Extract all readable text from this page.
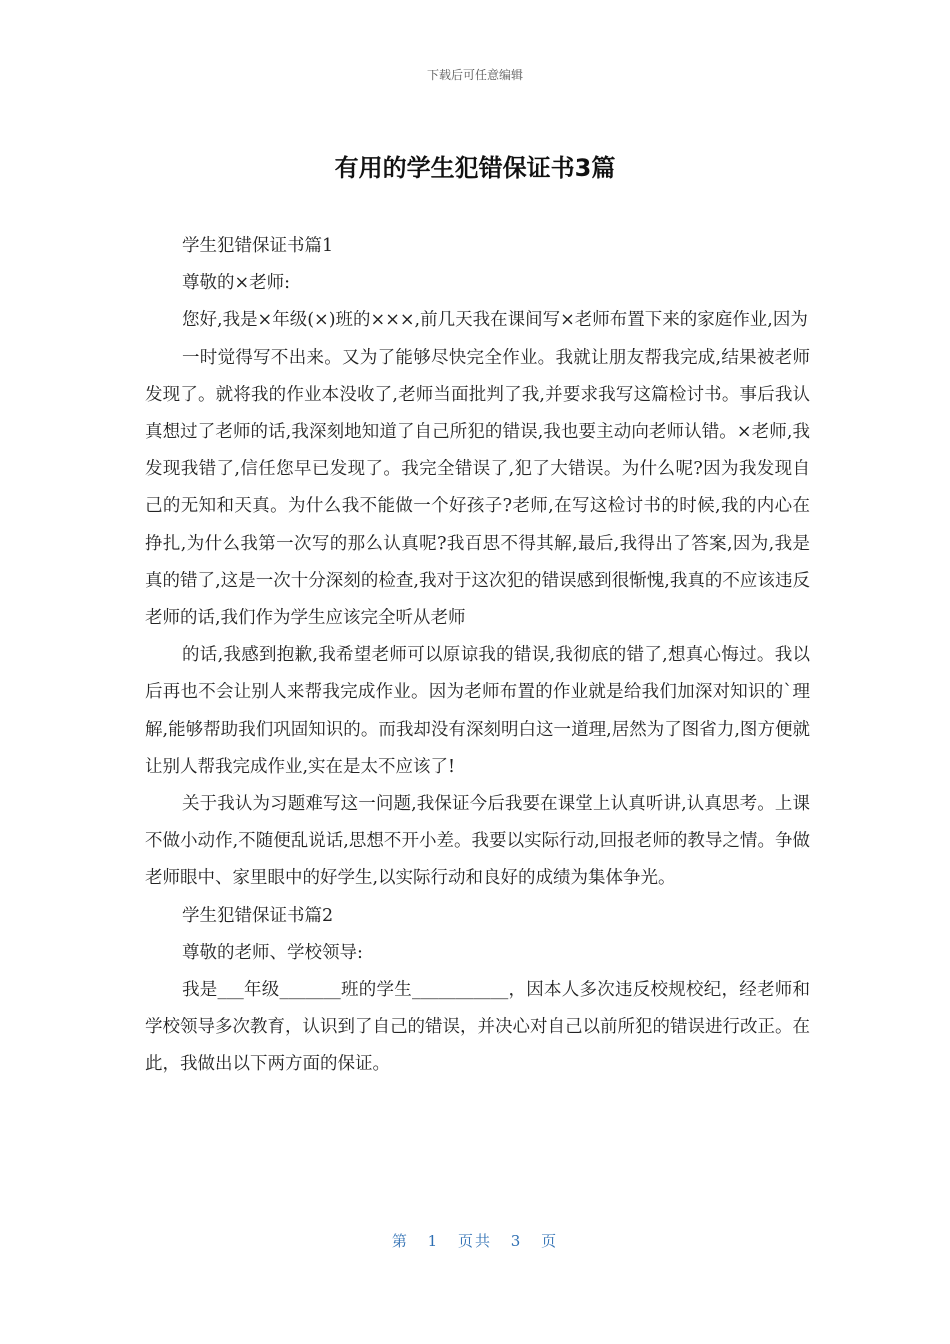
下载后可任意编辑
有用的学生犯错保证书3篇

学生犯错保证书篇1

尊敬的×老师:

您好,我是×年级(×)班的×××,前几天我在课间写×老师布置下来的家庭作业,因为

一时觉得写不出来。又为了能够尽快完全作业。我就让朋友帮我完成,结果被老师发现了。就将我的作业本没收了,老师当面批判了我,并要求我写这篇检讨书。事后我认真想过了老师的话,我深刻地知道了自己所犯的错误,我也要主动向老师认错。×老师,我发现我错了,信任您早已发现了。我完全错误了,犯了大错误。为什么呢?因为我发现自己的无知和天真。为什么我不能做一个好孩子?老师,在写这检讨书的时候,我的内心在挣扎,为什么我第一次写的那么认真呢?我百思不得其解,最后,我得出了答案,因为,我是真的错了,这是一次十分深刻的检查,我对于这次犯的错误感到很惭愧,我真的不应该违反老师的话,我们作为学生应该完全听从老师

的话,我感到抱歉,我希望老师可以原谅我的错误,我彻底的错了,想真心悔过。我以后再也不会让别人来帮我完成作业。因为老师布置的作业就是给我们加深对知识的`理解,能够帮助我们巩固知识的。而我却没有深刻明白这一道理,居然为了图省力,图方便就让别人帮我完成作业,实在是太不应该了!

关于我认为习题难写这一问题,我保证今后我要在课堂上认真听讲,认真思考。上课不做小动作,不随便乱说话,思想不开小差。我要以实际行动,回报老师的教导之情。争做老师眼中、家里眼中的好学生,以实际行动和良好的成绩为集体争光。

学生犯错保证书篇2

尊敬的老师、学校领导:

我是___年级_______班的学生___________，因本人多次违反校规校纪，经老师和学校领导多次教育，认识到了自己的错误，并决心对自己以前所犯的错误进行改正。在此，我做出以下两方面的保证。

第 1 页共 3 页
